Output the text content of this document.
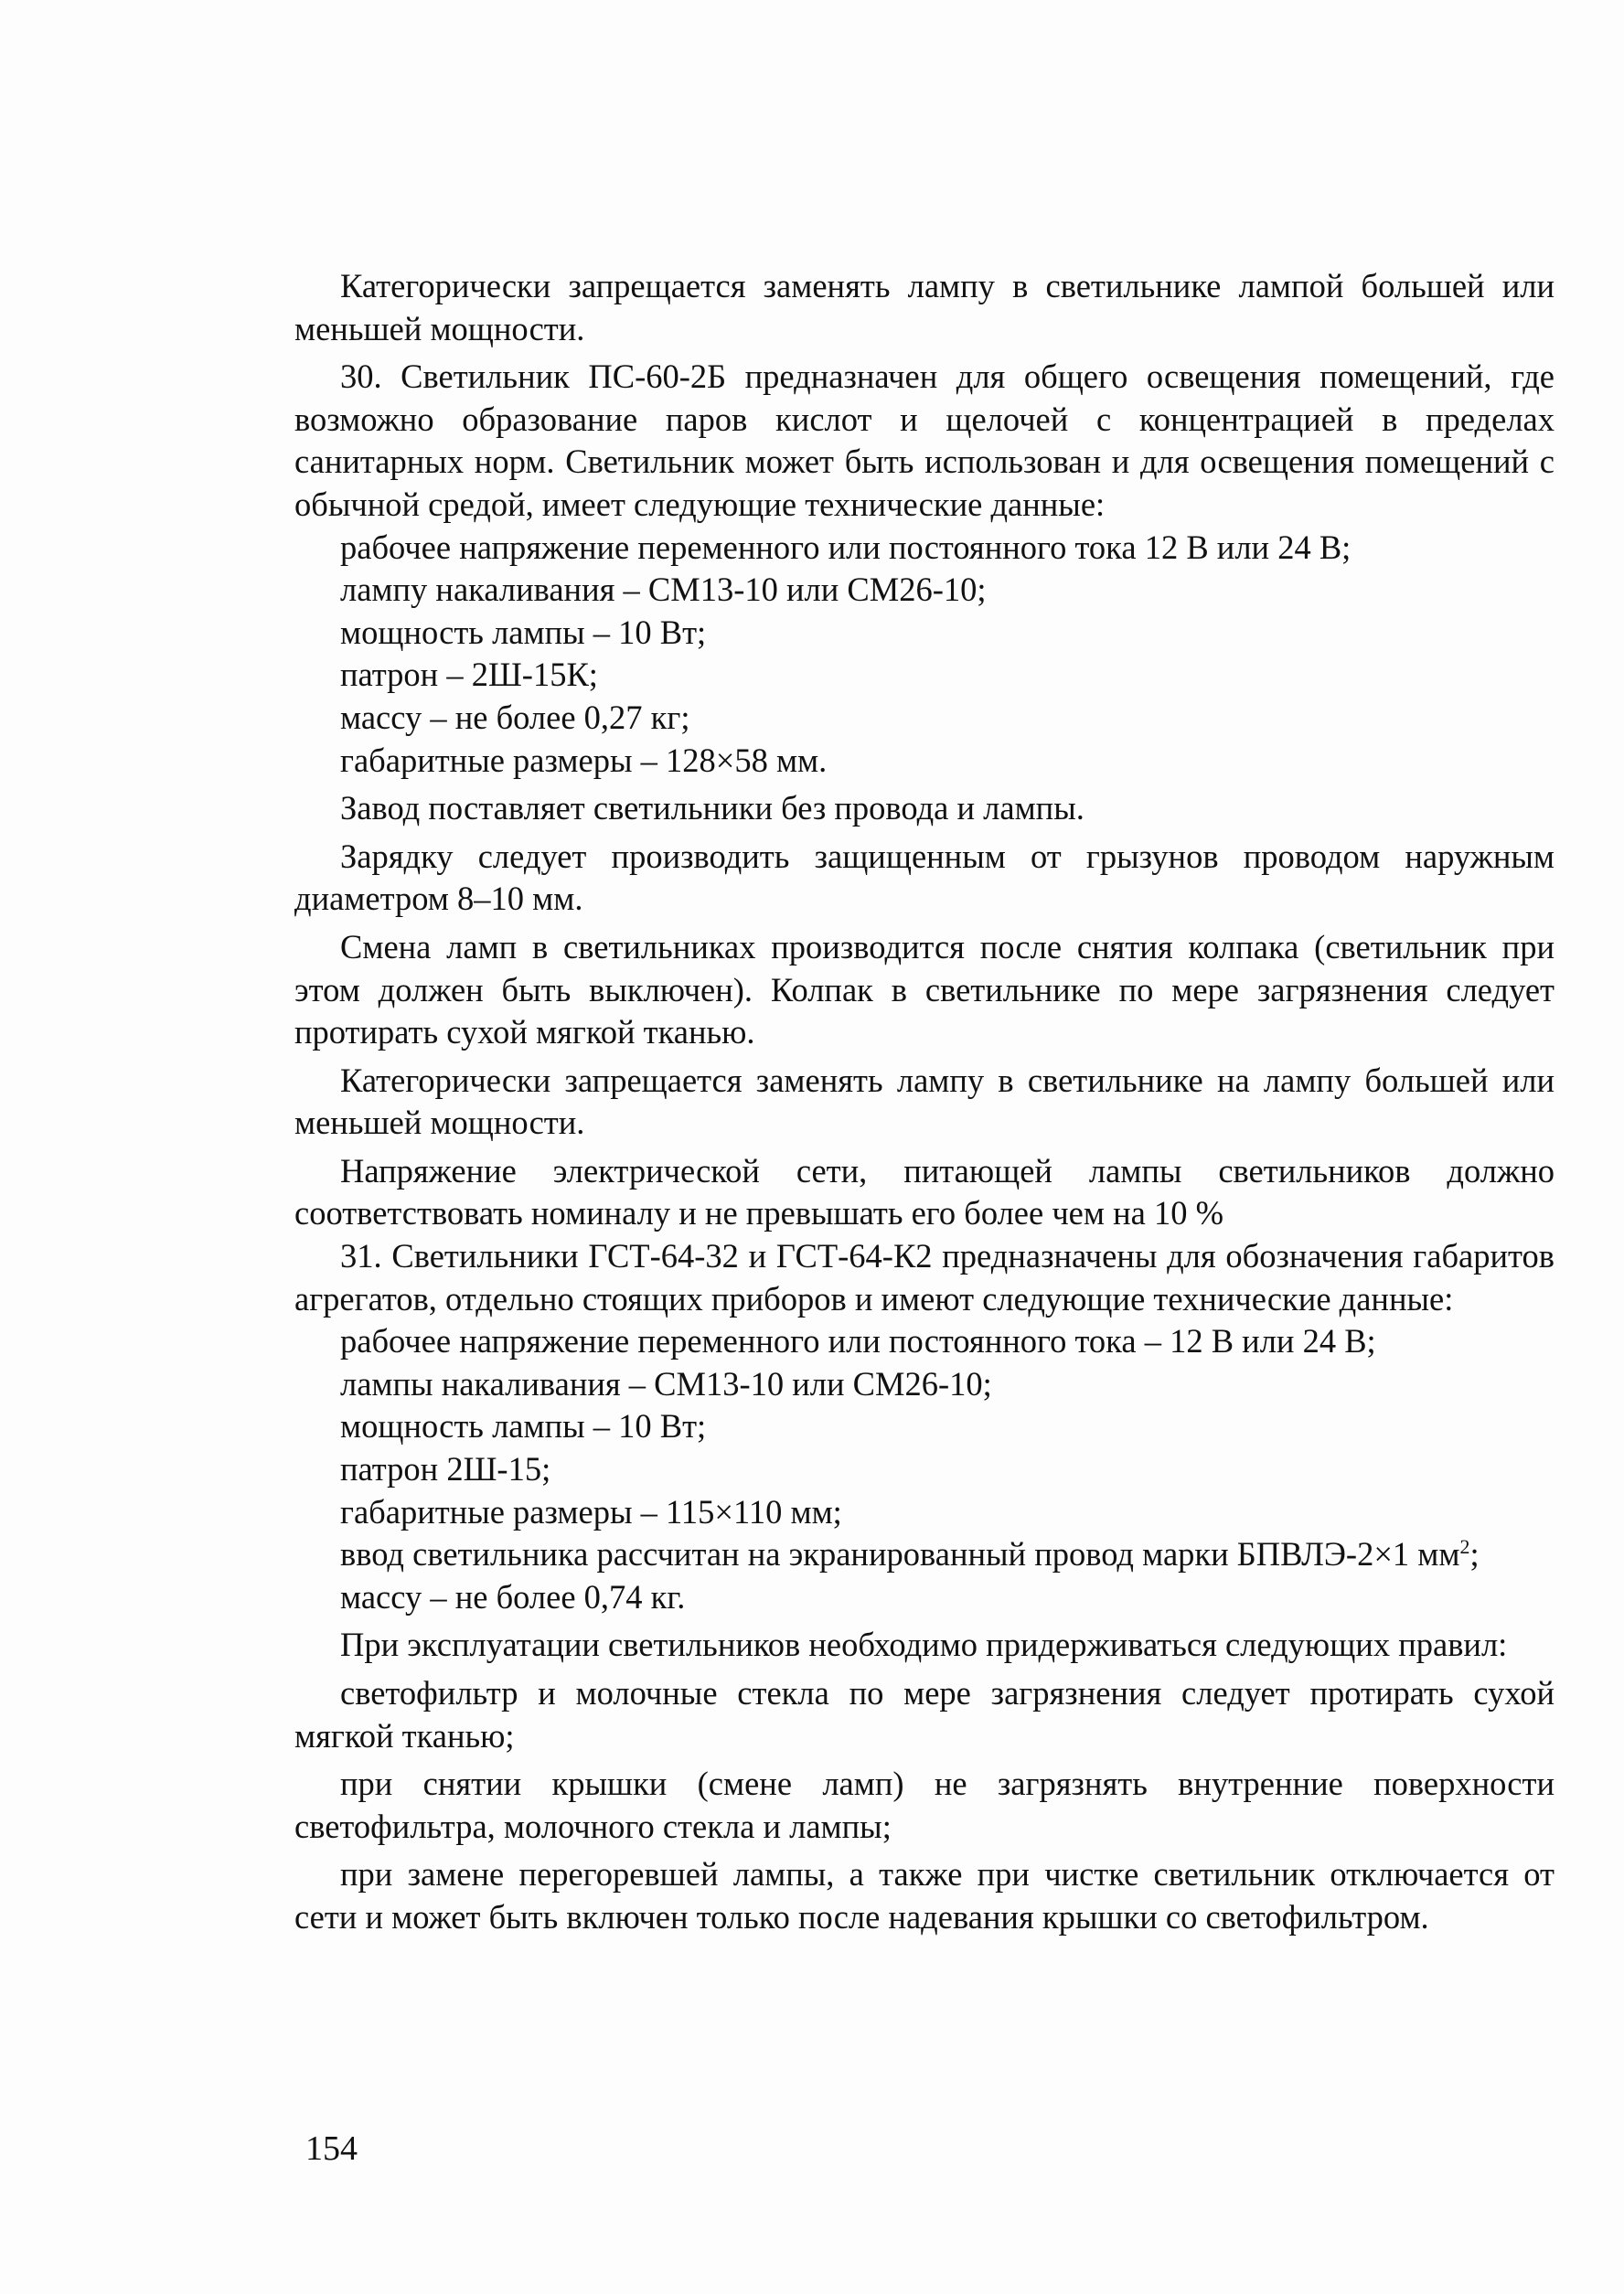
Категорически запрещается заменять лампу в светильнике лампой большей или меньшей мощности.

30. Светильник ПС-60-2Б предназначен для общего освещения помещений, где возможно образование паров кислот и щелочей с концентрацией в пределах санитарных норм. Светильник может быть использован и для освещения помещений с обычной средой, имеет следующие технические данные:

рабочее напряжение переменного или постоянного тока 12 В или 24 В;

лампу накаливания – СМ13-10 или СМ26-10;

мощность лампы – 10 Вт;

патрон – 2Ш-15К;

массу – не более 0,27 кг;

габаритные размеры – 128×58 мм.

Завод поставляет светильники без провода и лампы.

Зарядку следует производить защищенным от грызунов проводом наружным диаметром 8–10 мм.

Смена ламп в светильниках производится после снятия колпака (светильник при этом должен быть выключен). Колпак в светильнике по мере загрязнения следует протирать сухой мягкой тканью.

Категорически запрещается заменять лампу в светильнике на лампу большей или меньшей мощности.

Напряжение электрической сети, питающей лампы светильников должно соответствовать номиналу и не превышать его более чем на 10 %

31. Светильники ГСТ-64-32 и ГСТ-64-К2 предназначены для обозначения габаритов агрегатов, отдельно стоящих приборов и имеют следующие технические данные:

рабочее напряжение переменного или постоянного тока – 12 В или 24 В;

лампы накаливания – СМ13-10 или СМ26-10;

мощность лампы – 10 Вт;

патрон 2Ш-15;

габаритные размеры – 115×110 мм;

ввод светильника рассчитан на экранированный провод марки БПВЛЭ-2×1 $мм^2$;

массу – не более 0,74 кг.

При эксплуатации светильников необходимо придерживаться следующих правил:

светофильтр и молочные стекла по мере загрязнения следует протирать сухой мягкой тканью;

при снятии крышки (смене ламп) не загрязнять внутренние поверхности светофильтра, молочного стекла и лампы;

при замене перегоревшей лампы, а также при чистке светильник отключается от сети и может быть включен только после надевания крышки со светофильтром.

154
